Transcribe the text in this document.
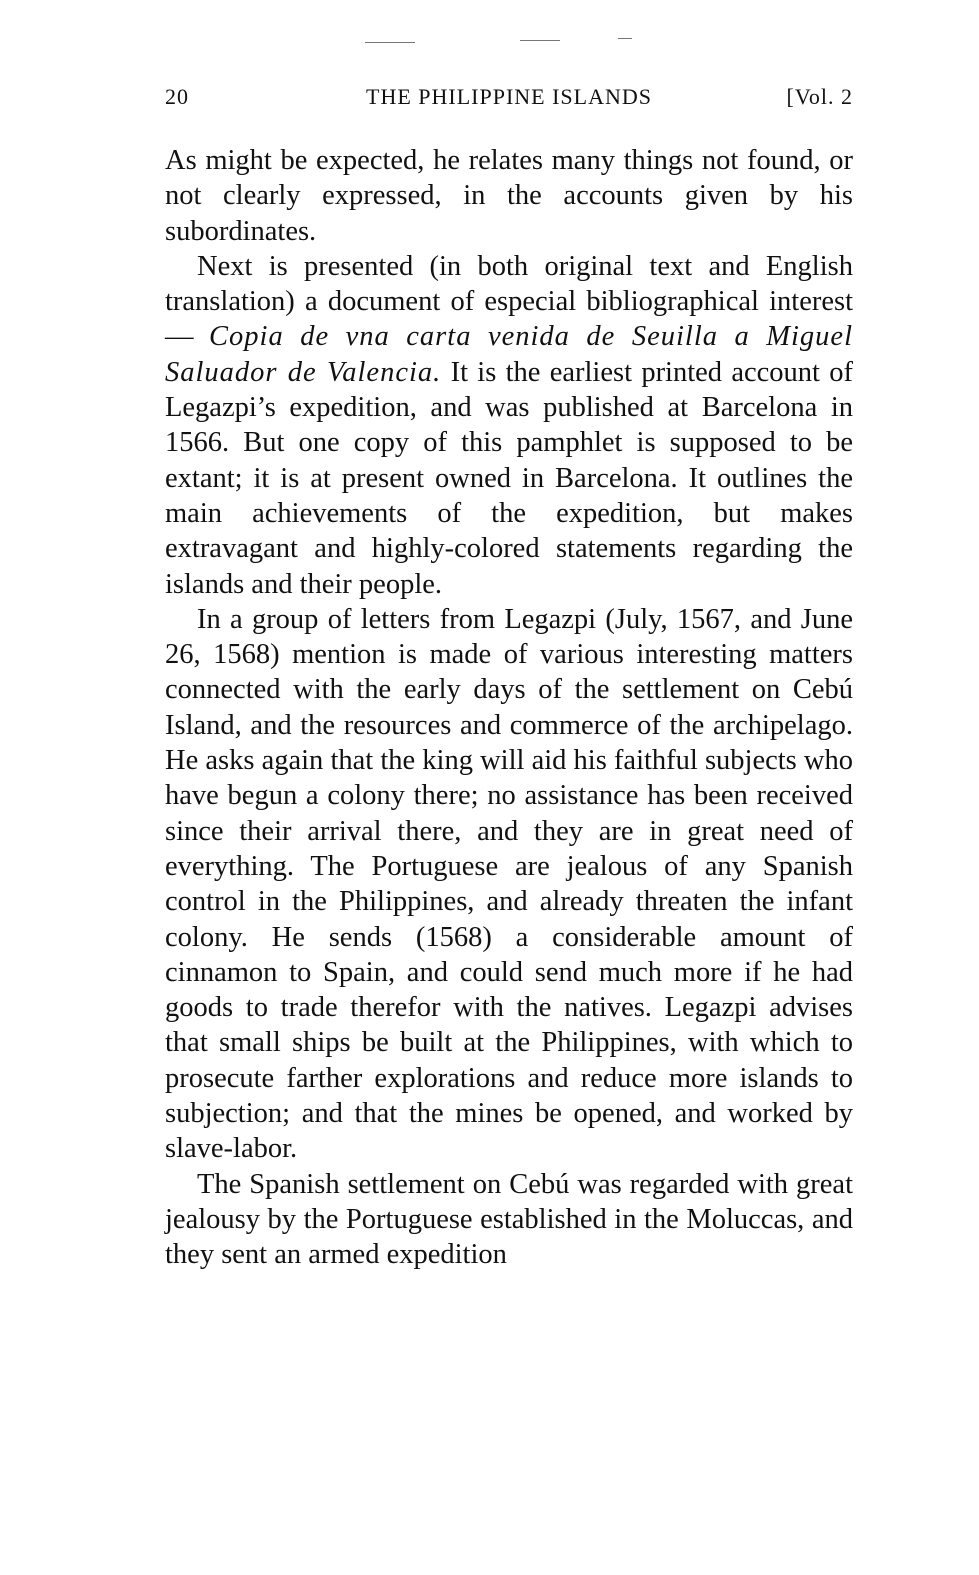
20	THE PHILIPPINE ISLANDS	[Vol. 2

As might be expected, he relates many things not found, or not clearly expressed, in the accounts given by his subordinates.

Next is presented (in both original text and English translation) a document of especial bibliographical interest — Copia de vna carta venida de Seuilla a Miguel Saluador de Valencia. It is the earliest printed account of Legazpi’s expedition, and was published at Barcelona in 1566. But one copy of this pamphlet is supposed to be extant; it is at present owned in Barcelona. It outlines the main achievements of the expedition, but makes extravagant and highly-colored statements regarding the islands and their people.

In a group of letters from Legazpi (July, 1567, and June 26, 1568) mention is made of various interesting matters connected with the early days of the settlement on Cebú Island, and the resources and commerce of the archipelago. He asks again that the king will aid his faithful subjects who have begun a colony there; no assistance has been received since their arrival there, and they are in great need of everything. The Portuguese are jealous of any Spanish control in the Philippines, and already threaten the infant colony. He sends (1568) a considerable amount of cinnamon to Spain, and could send much more if he had goods to trade therefor with the natives. Legazpi advises that small ships be built at the Philippines, with which to prosecute farther explorations and reduce more islands to subjection; and that the mines be opened, and worked by slave-labor.

The Spanish settlement on Cebú was regarded with great jealousy by the Portuguese established in the Moluccas, and they sent an armed expedition
